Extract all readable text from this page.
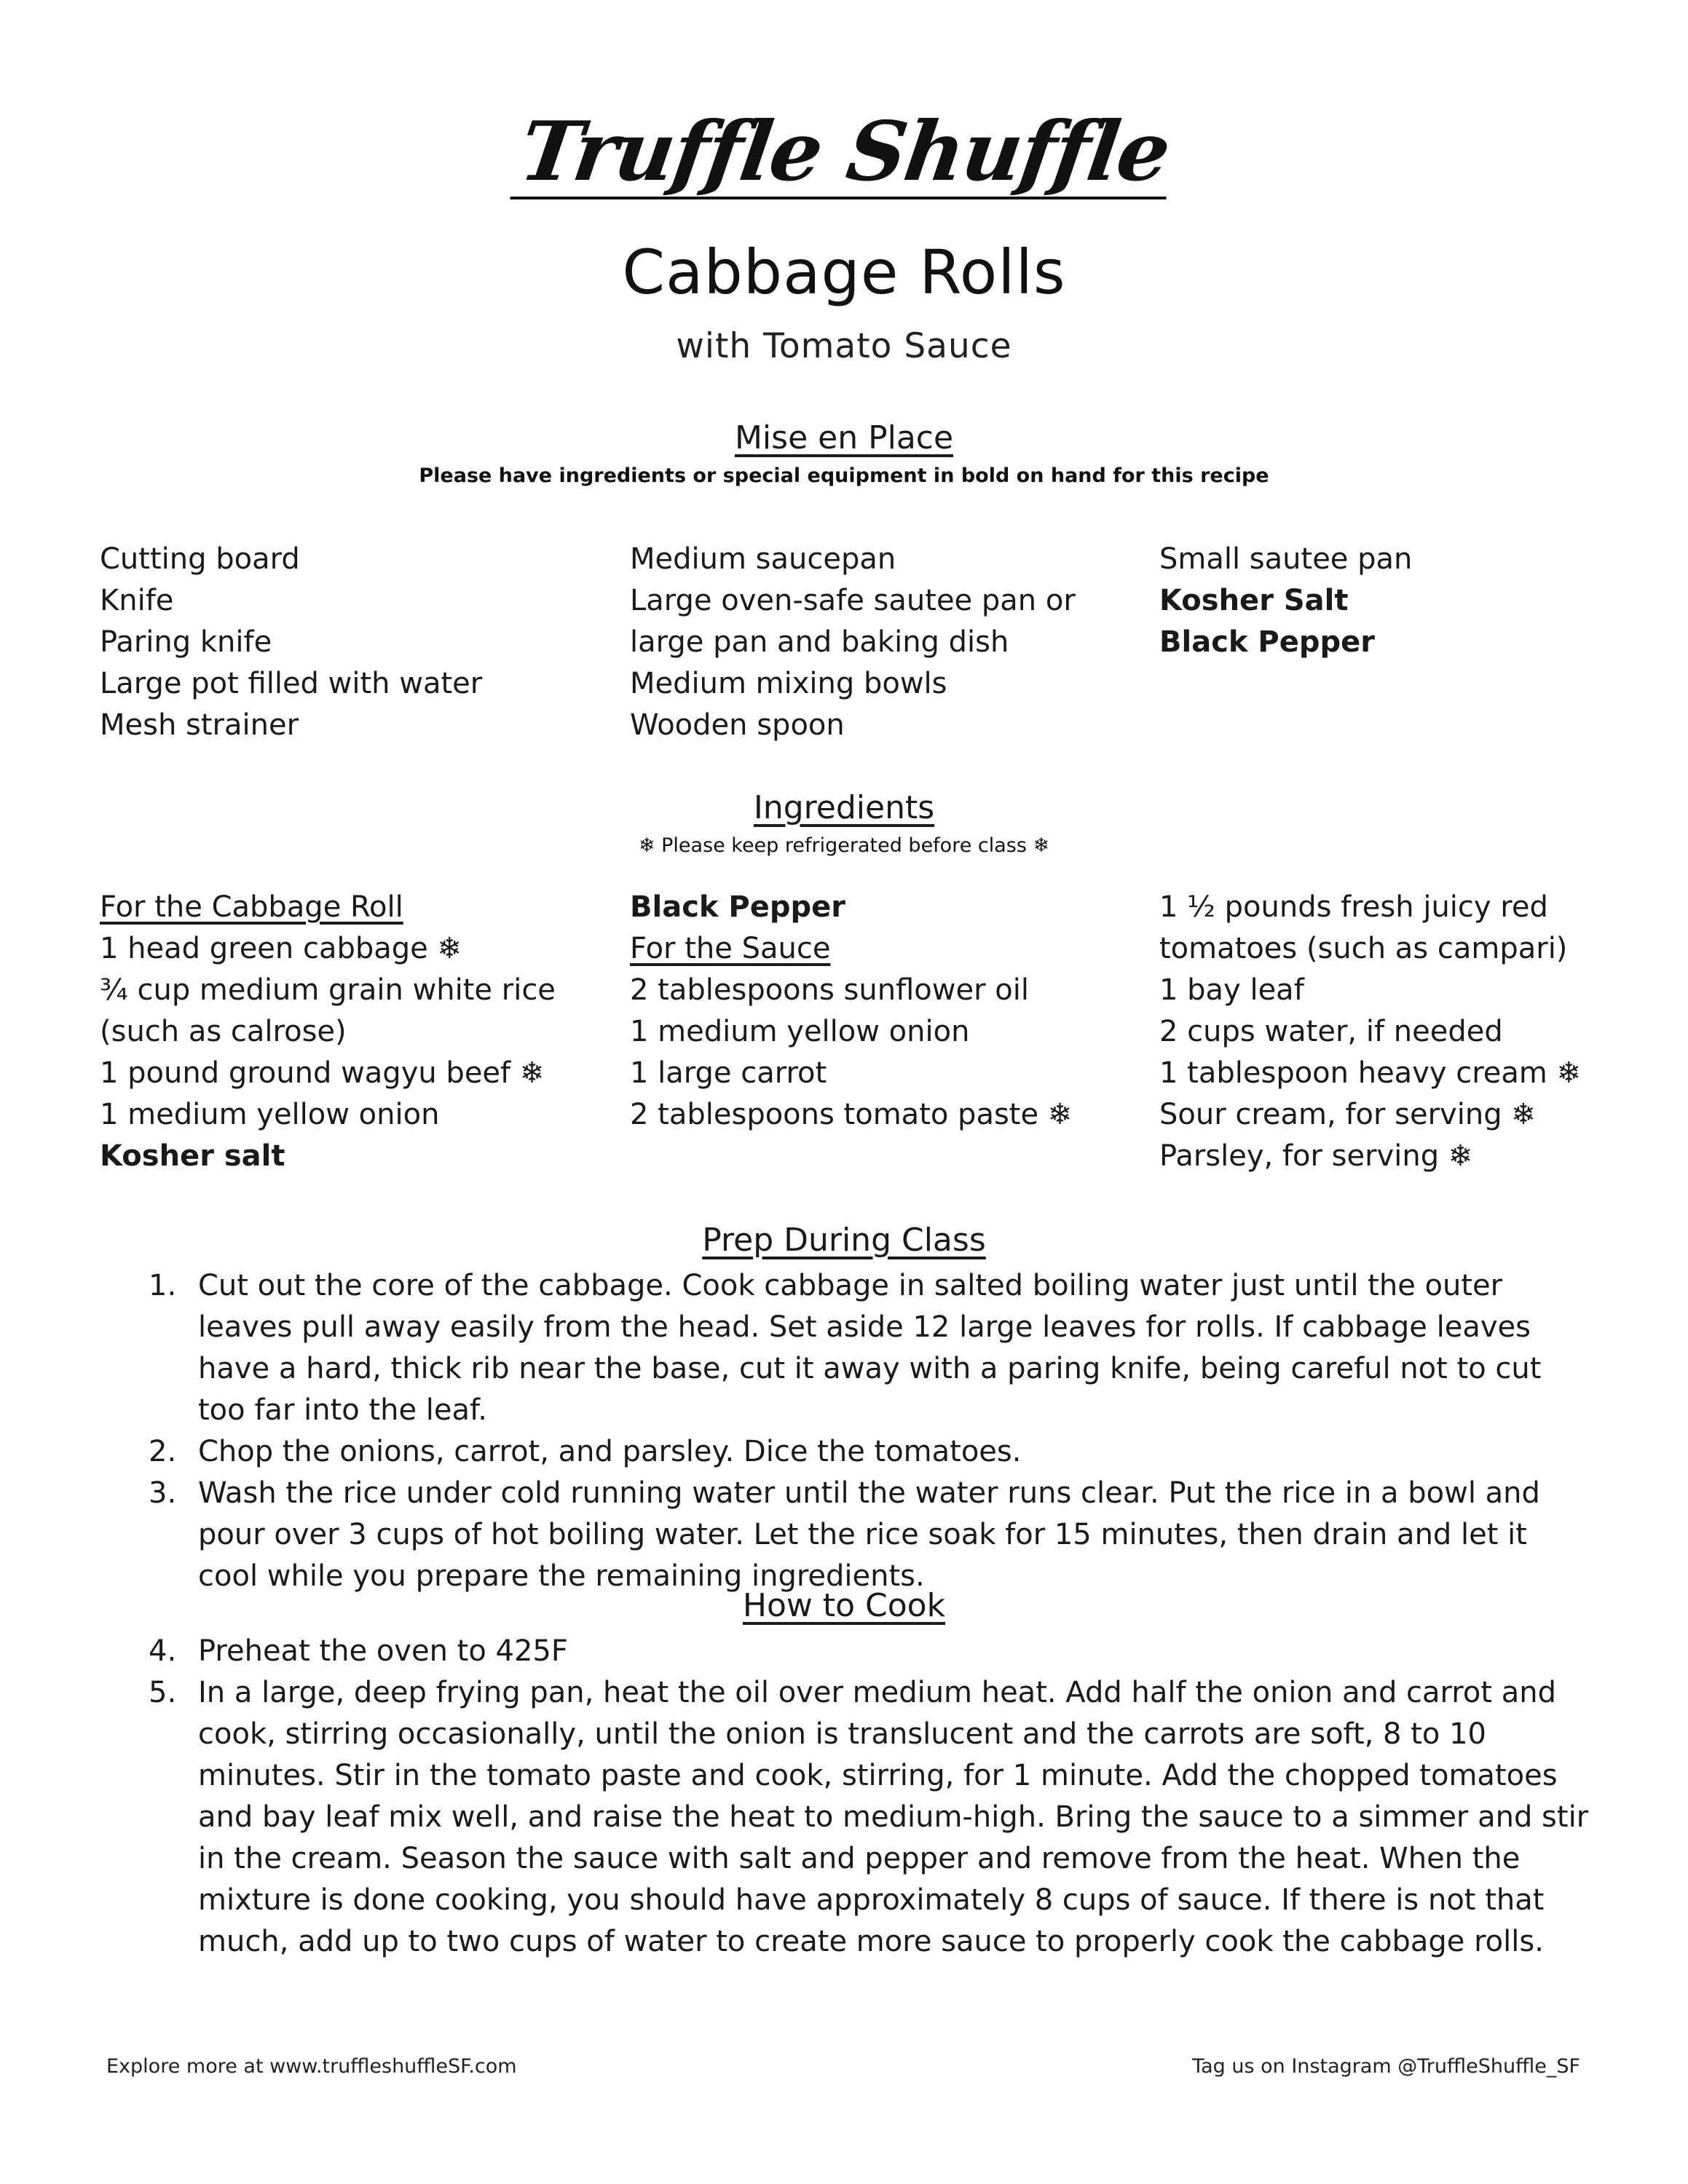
Truffle Shuffle
Cabbage Rolls
with Tomato Sauce
Mise en Place
Please have ingredients or special equipment in bold on hand for this recipe
Cutting board
Knife
Paring knife
Large pot filled with water
Mesh strainer
Medium saucepan
Large oven-safe sautee pan or
large pan and baking dish
Medium mixing bowls
Wooden spoon
Small sautee pan
Kosher Salt
Black Pepper
Ingredients
❄ Please keep refrigerated before class ❄
For the Cabbage Roll
1 head green cabbage ❄
¾ cup medium grain white rice
(such as calrose)
1 pound ground wagyu beef ❄
1 medium yellow onion
Kosher salt
Black Pepper
For the Sauce
2 tablespoons sunflower oil
1 medium yellow onion
1 large carrot
2 tablespoons tomato paste ❄
1 ½ pounds fresh juicy red
tomatoes (such as campari)
1 bay leaf
2 cups water, if needed
1 tablespoon heavy cream ❄
Sour cream, for serving ❄
Parsley, for serving ❄
Prep During Class
1. Cut out the core of the cabbage. Cook cabbage in salted boiling water just until the outer leaves pull away easily from the head. Set aside 12 large leaves for rolls. If cabbage leaves have a hard, thick rib near the base, cut it away with a paring knife, being careful not to cut too far into the leaf.
2. Chop the onions, carrot, and parsley. Dice the tomatoes.
3. Wash the rice under cold running water until the water runs clear. Put the rice in a bowl and pour over 3 cups of hot boiling water. Let the rice soak for 15 minutes, then drain and let it cool while you prepare the remaining ingredients.
How to Cook
4. Preheat the oven to 425F
5. In a large, deep frying pan, heat the oil over medium heat. Add half the onion and carrot and cook, stirring occasionally, until the onion is translucent and the carrots are soft, 8 to 10 minutes. Stir in the tomato paste and cook, stirring, for 1 minute. Add the chopped tomatoes and bay leaf mix well, and raise the heat to medium-high. Bring the sauce to a simmer and stir in the cream. Season the sauce with salt and pepper and remove from the heat. When the mixture is done cooking, you should have approximately 8 cups of sauce. If there is not that much, add up to two cups of water to create more sauce to properly cook the cabbage rolls.
Explore more at www.truffleshuffleSF.com	Tag us on Instagram @TruffleShuffle_SF
